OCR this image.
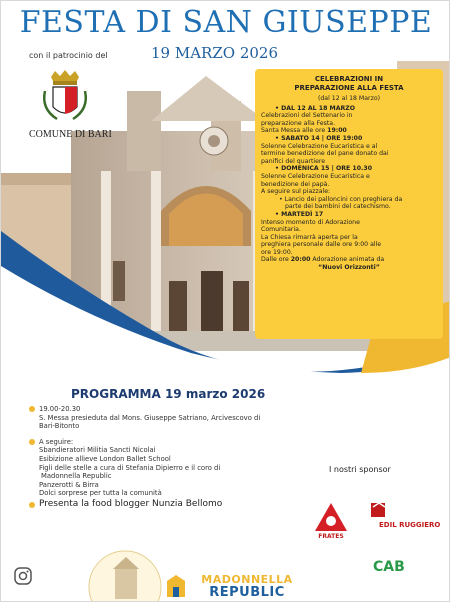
FESTA DI SAN GIUSEPPE
19 MARZO 2026
con il patrocinio del
COMUNE DI BARI
CELEBRAZIONI IN
PREPARAZIONE ALLA FESTA

(dal 12 al 18 Marzo)

• DAL 12 AL 18 MARZO

Celebrazioni del Settenario in

preparazione alla Festa.

Santa Messa alle ore 19:00

• SABATO 14 | ORE 19:00

Solenne Celebrazione Eucaristica e al

termine benedizione del pane donato dai

panifici del quartiere

• DOMENICA 15 | ORE 10.30

Solenne Celebrazione Eucaristica e

benedizione dei papà.

A seguire sul piazzale:

• Lancio dei palloncini con preghiera da

parte dei bambini del catechismo.

• MARTEDÌ 17

Intenso momento di Adorazione

Comunitaria.

La Chiesa rimarrà aperta per la

preghiera personale dalle ore 9:00 alle

ore 19:00.

Dalle ore 20:00 Adorazione animata da

“Nuovi Orizzonti”

PROGRAMMA 19 marzo 2026
19.00-20.30
S. Messa presieduta dal Mons. Giuseppe Satriano, Arcivescovo di
Bari-Bitonto
A seguire:
Sbandieratori Militia Sancti Nicolai
Esibizione allieve London Ballet School
Figli delle stelle a cura di Stefania Dipierro e il coro di
Madonnella Republic
Panzerotti & Birra
Dolci sorprese per tutta la comunità
Presenta la food blogger Nunzia Bellomo
I nostri sponsor
FRATES
EDIL RUGGIERO
CAB
MADONNELLA
REPUBLIC
